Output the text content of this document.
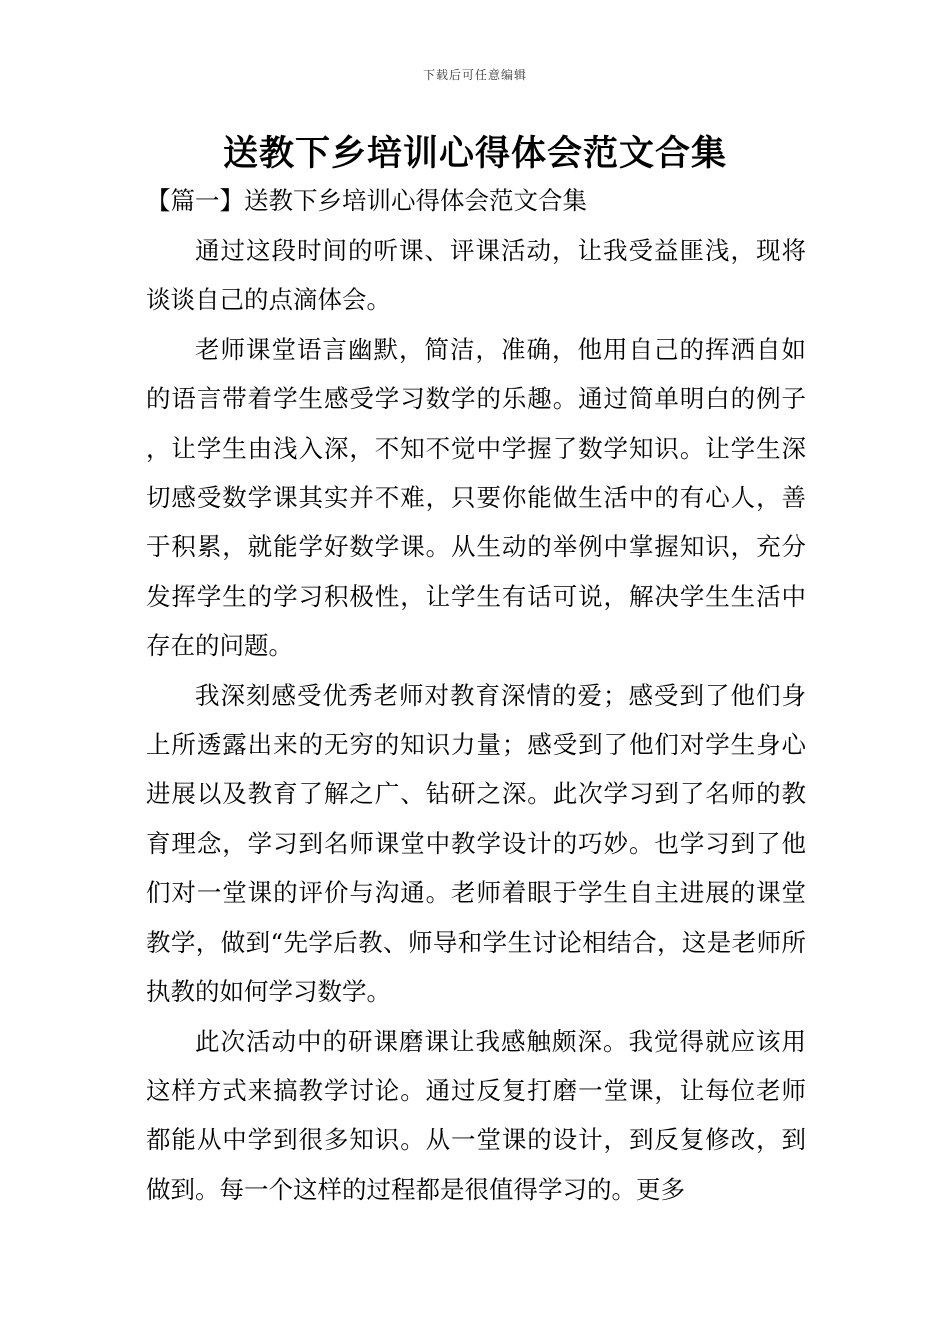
下载后可任意编辑
送教下乡培训心得体会范文合集
【篇一】送教下乡培训心得体会范文合集

通过这段时间的听课、评课活动，让我受益匪浅，现将谈谈自己的点滴体会。

老师课堂语言幽默，简洁，准确，他用自己的挥洒自如的语言带着学生感受学习数学的乐趣。通过简单明白的例子，让学生由浅入深，不知不觉中学握了数学知识。让学生深切感受数学课其实并不难，只要你能做生活中的有心人，善于积累，就能学好数学课。从生动的举例中掌握知识，充分发挥学生的学习积极性，让学生有话可说，解决学生生活中存在的问题。

我深刻感受优秀老师对教育深情的爱；感受到了他们身上所透露出来的无穷的知识力量；感受到了他们对学生身心进展以及教育了解之广、钻研之深。此次学习到了名师的教育理念，学习到名师课堂中教学设计的巧妙。也学习到了他们对一堂课的评价与沟通。老师着眼于学生自主进展的课堂教学，做到“先学后教、师导和学生讨论相结合，这是老师所执教的如何学习数学。

此次活动中的研课磨课让我感触颇深。我觉得就应该用这样方式来搞教学讨论。通过反复打磨一堂课，让每位老师都能从中学到很多知识。从一堂课的设计，到反复修改，到做到。每一个这样的过程都是很值得学习的。更多
